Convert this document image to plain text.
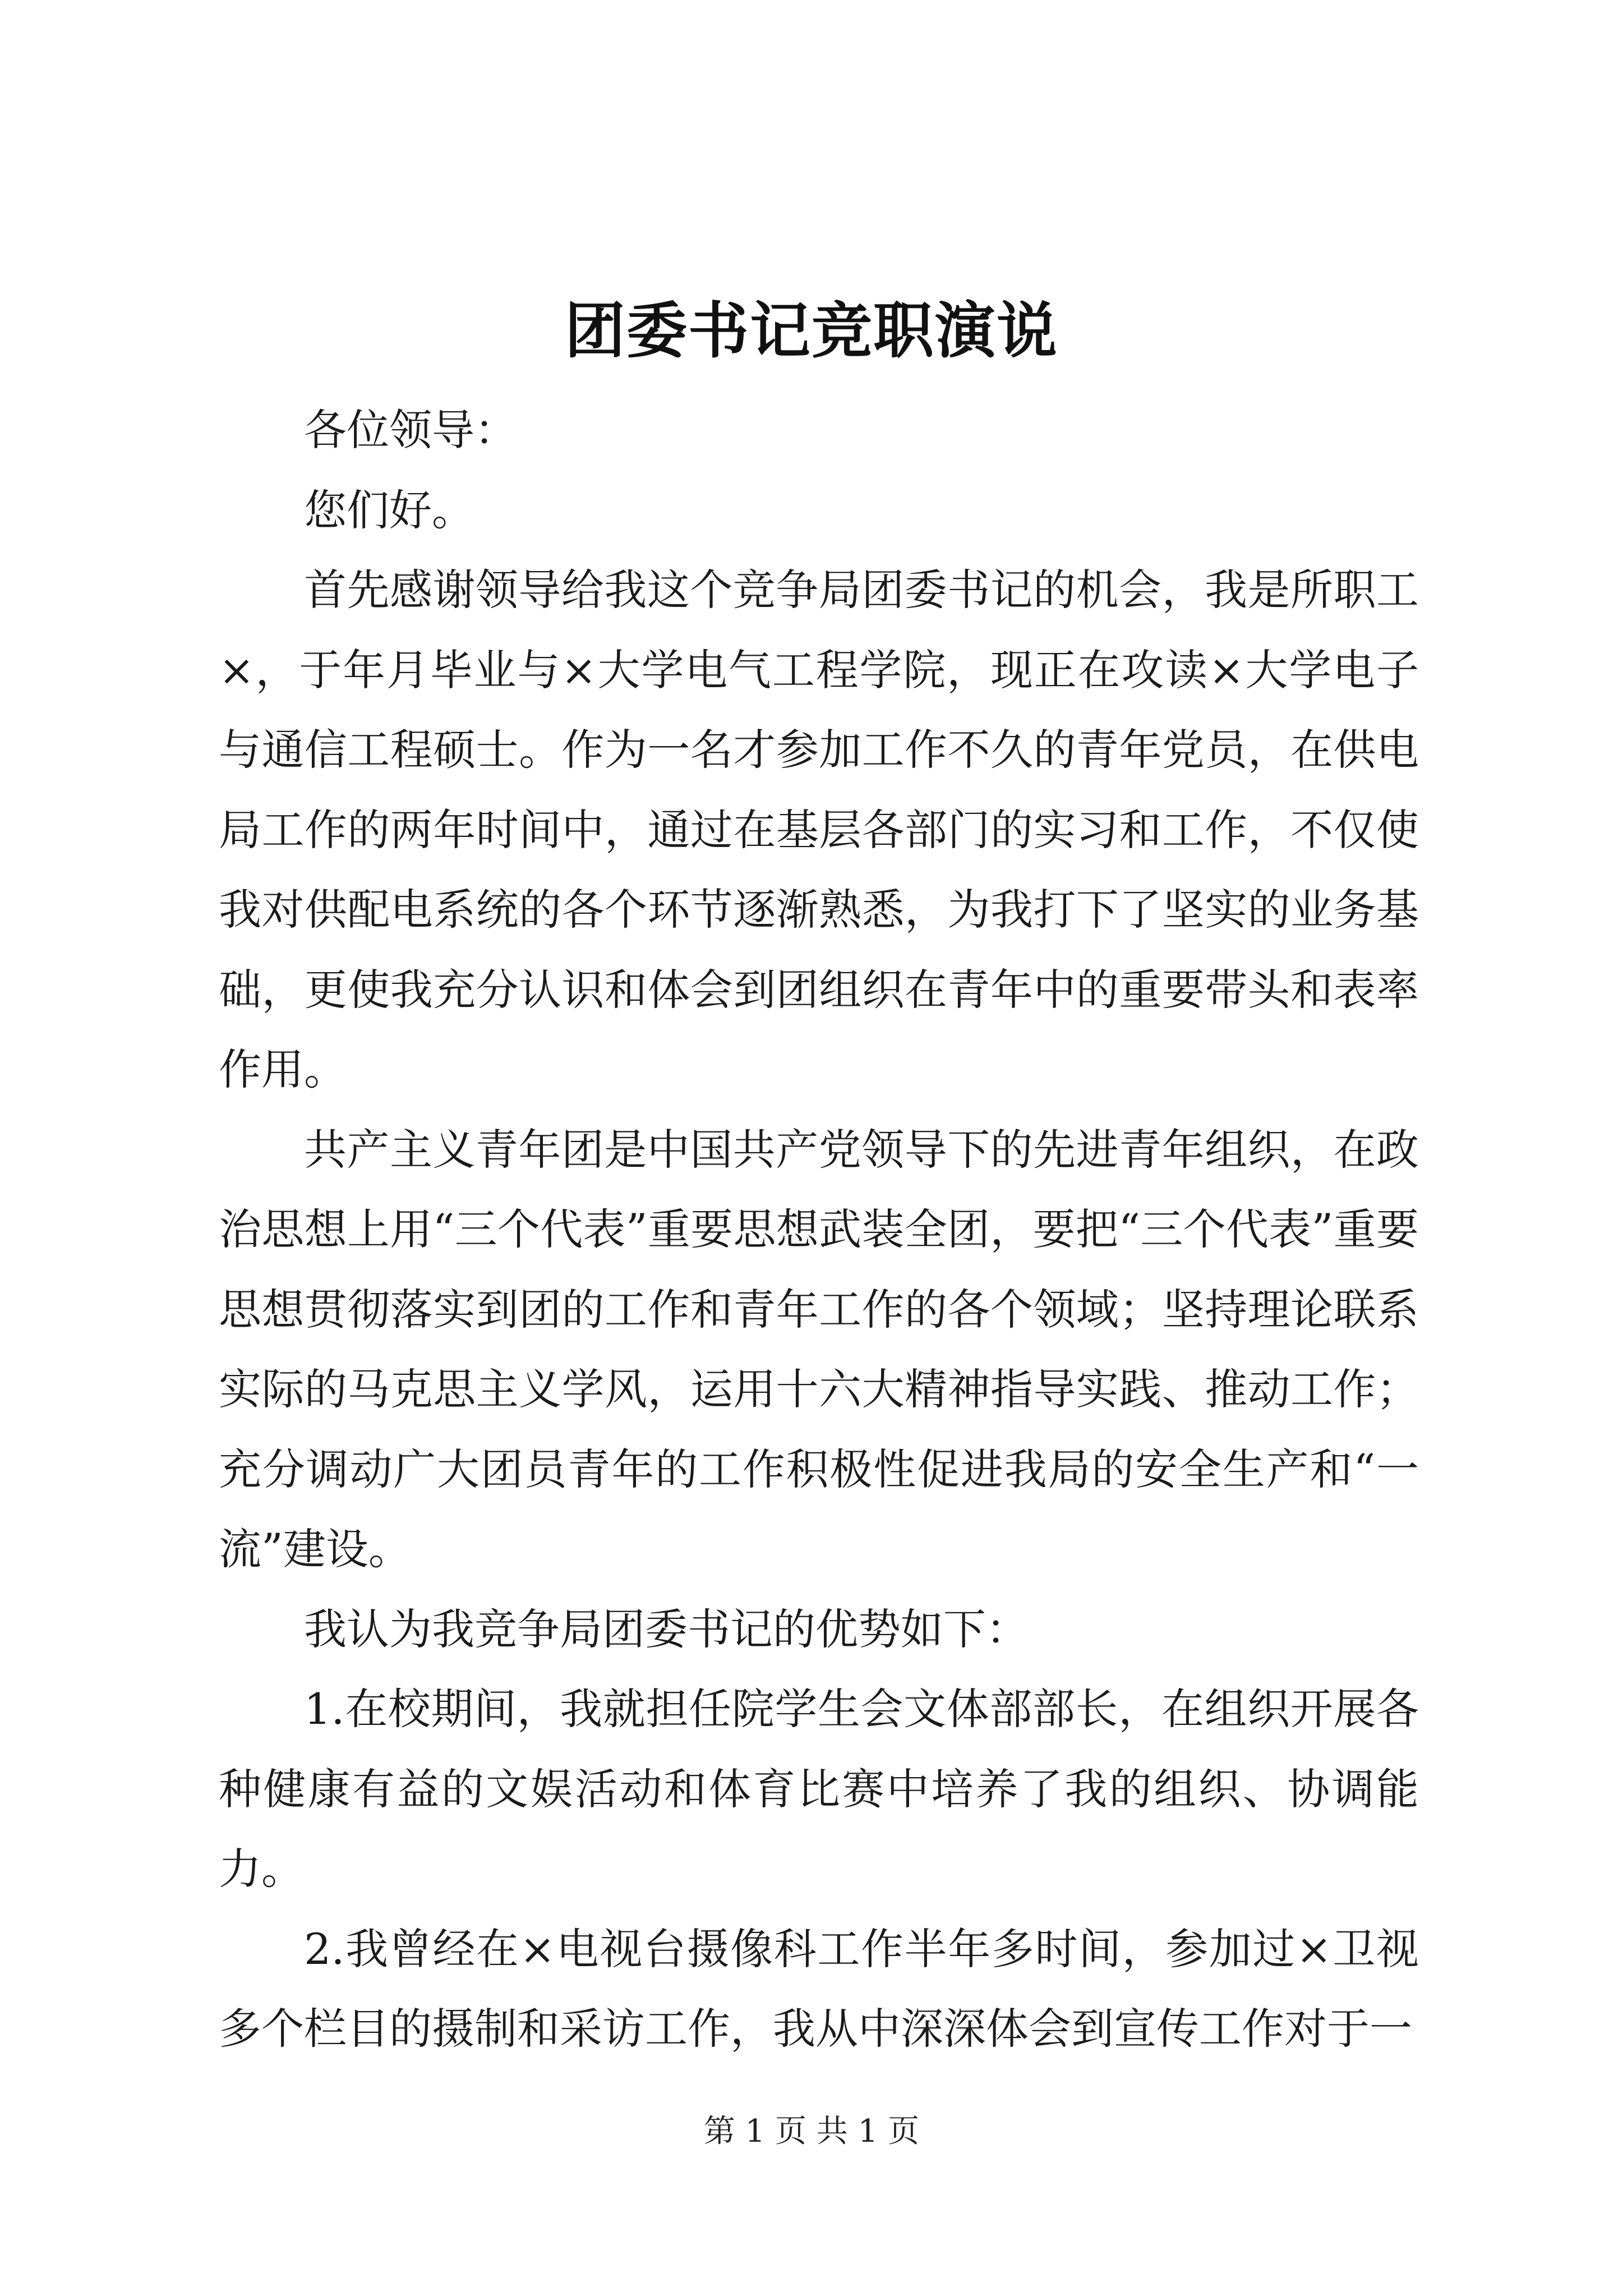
团委书记竞职演说

各位领导：

您们好。

首先感谢领导给我这个竞争局团委书记的机会，我是所职工×，于年月毕业与×大学电气工程学院，现正在攻读×大学电子与通信工程硕士。作为一名才参加工作不久的青年党员，在供电局工作的两年时间中，通过在基层各部门的实习和工作，不仅使我对供配电系统的各个环节逐渐熟悉，为我打下了坚实的业务基础，更使我充分认识和体会到团组织在青年中的重要带头和表率作用。

共产主义青年团是中国共产党领导下的先进青年组织，在政治思想上用“三个代表”重要思想武装全团，要把“三个代表”重要思想贯彻落实到团的工作和青年工作的各个领域；坚持理论联系实际的马克思主义学风，运用十六大精神指导实践、推动工作；充分调动广大团员青年的工作积极性促进我局的安全生产和“一流”建设。

我认为我竞争局团委书记的优势如下：

1.在校期间，我就担任院学生会文体部部长，在组织开展各种健康有益的文娱活动和体育比赛中培养了我的组织、协调能力。

2.我曾经在×电视台摄像科工作半年多时间，参加过×卫视多个栏目的摄制和采访工作，我从中深深体会到宣传工作对于一

第 1 页 共 1 页
